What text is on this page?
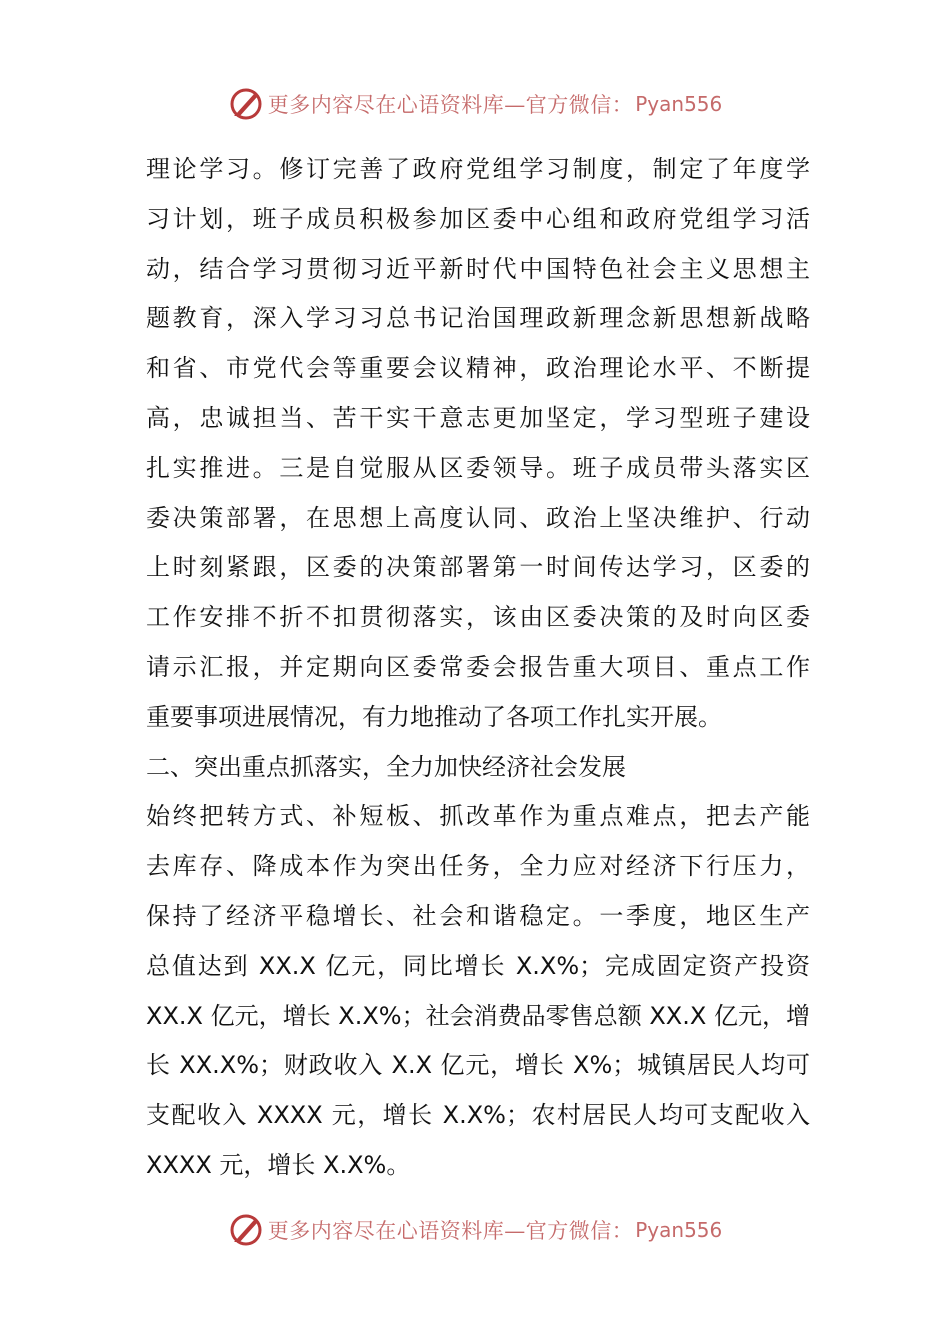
更多内容尽在心语资料库—官方微信： Pyan556
理论学习。修订完善了政府党组学习制度，制定了年度学
习计划，班子成员积极参加区委中心组和政府党组学习活
动，结合学习贯彻习近平新时代中国特色社会主义思想主
题教育，深入学习习总书记治国理政新理念新思想新战略
和省、市党代会等重要会议精神，政治理论水平、不断提
高，忠诚担当、苦干实干意志更加坚定，学习型班子建设
扎实推进。三是自觉服从区委领导。班子成员带头落实区
委决策部署，在思想上高度认同、政治上坚决维护、行动
上时刻紧跟，区委的决策部署第一时间传达学习，区委的
工作安排不折不扣贯彻落实，该由区委决策的及时向区委
请示汇报，并定期向区委常委会报告重大项目、重点工作
重要事项进展情况，有力地推动了各项工作扎实开展。
二、突出重点抓落实，全力加快经济社会发展
始终把转方式、补短板、抓改革作为重点难点，把去产能
去库存、降成本作为突出任务，全力应对经济下行压力，
保持了经济平稳增长、社会和谐稳定。一季度，地区生产
总值达到 XX.X 亿元，同比增长 X.X%；完成固定资产投资
XX.X 亿元，增长 X.X%；社会消费品零售总额 XX.X 亿元，增
长 XX.X%；财政收入 X.X 亿元，增长 X%；城镇居民人均可
支配收入 XXXX 元，增长 X.X%；农村居民人均可支配收入
XXXX 元，增长 X.X%。
更多内容尽在心语资料库—官方微信： Pyan556
